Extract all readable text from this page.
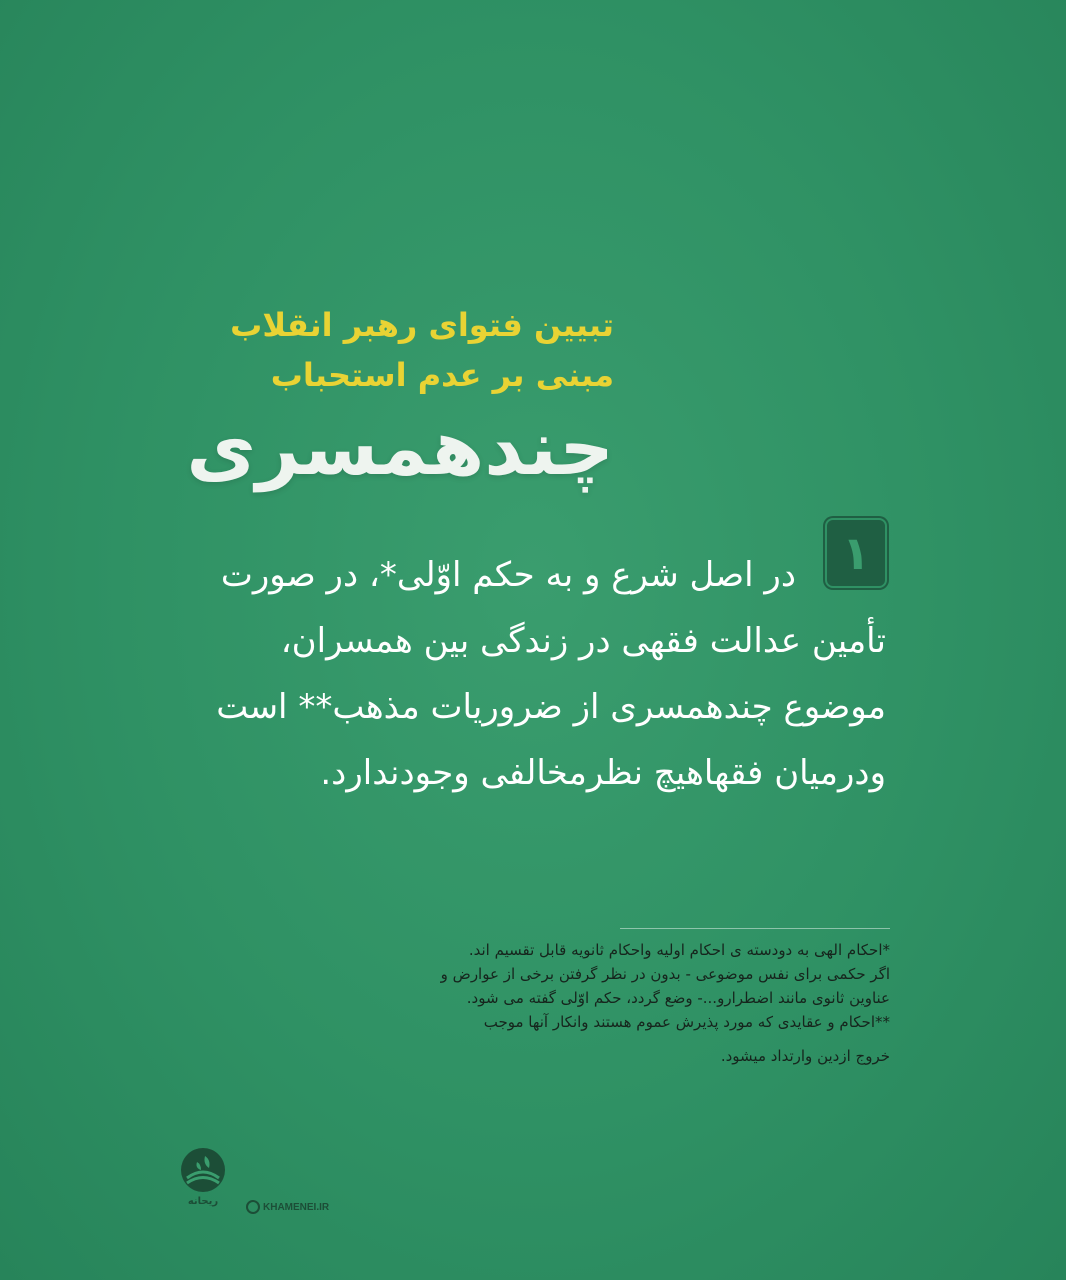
تبیین فتوای رهبر انقلاب

مبنی بر عدم استحباب

چندهمسری

۱
در اصل شرع و به حکم اوّلی*، در صورت
تأمین عدالت فقهی در زندگی بین همسران،
موضوع چندهمسری از ضروریات مذهب** است
ودرمیان فقهاهیچ نظرمخالفی وجودندارد.

*احکام الهی به دودسته ی احکام اولیه واحکام ثانویه قابل تقسیم اند.

اگر حکمی برای نفس موضوعی - بدون در نظر گرفتن برخی از عوارض و

عناوین ثانوی مانند اضطرارو...- وضع گردد، حکم اوّلی گفته می شود.

**احکام و عقایدی که مورد پذیرش عموم هستند وانکار آنها موجب

خروج ازدین وارتداد میشود.

ریحانه	KHAMENEI.IR
